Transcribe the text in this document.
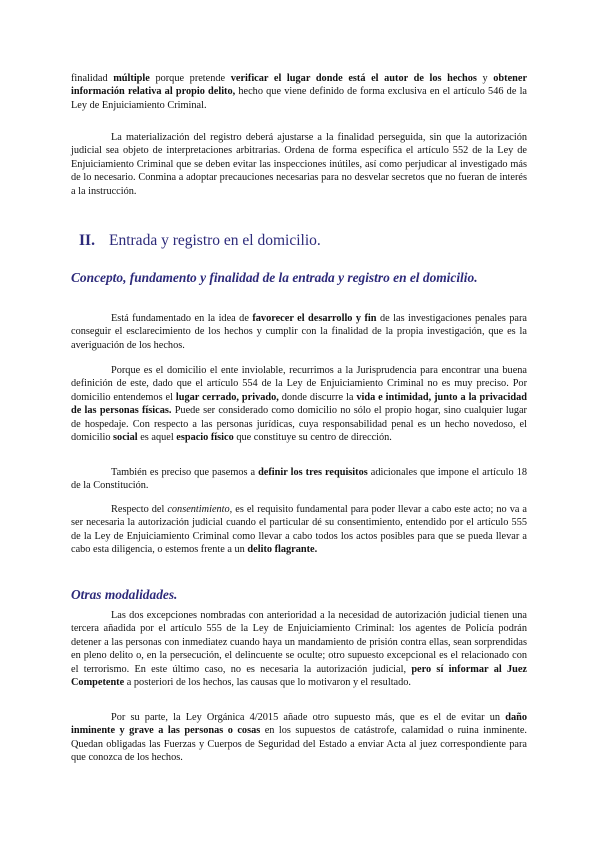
finalidad múltiple porque pretende verificar el lugar donde está el autor de los hechos y obtener información relativa al propio delito, hecho que viene definido de forma exclusiva en el artículo 546 de la Ley de Enjuiciamiento Criminal.

La materialización del registro deberá ajustarse a la finalidad perseguida, sin que la autorización judicial sea objeto de interpretaciones arbitrarias. Ordena de forma específica el artículo 552 de la Ley de Enjuiciamiento Criminal que se deben evitar las inspecciones inútiles, así como perjudicar al investigado más de lo necesario. Conmina a adoptar precauciones necesarias para no desvelar secretos que no fueran de interés a la instrucción.

II. Entrada y registro en el domicilio.
Concepto, fundamento y finalidad de la entrada y registro en el domicilio.

Está fundamentado en la idea de favorecer el desarrollo y fin de las investigaciones penales para conseguir el esclarecimiento de los hechos y cumplir con la finalidad de la propia investigación, que es la averiguación de los hechos.

Porque es el domicilio el ente inviolable, recurrimos a la Jurisprudencia para encontrar una buena definición de este, dado que el artículo 554 de la Ley de Enjuiciamiento Criminal no es muy preciso. Por domicilio entendemos el lugar cerrado, privado, donde discurre la vida e intimidad, junto a la privacidad de las personas físicas. Puede ser considerado como domicilio no sólo el propio hogar, sino cualquier lugar de hospedaje. Con respecto a las personas jurídicas, cuya responsabilidad penal es un hecho novedoso, el domicilio social es aquel espacio físico que constituye su centro de dirección.

También es preciso que pasemos a definir los tres requisitos adicionales que impone el artículo 18 de la Constitución.

Respecto del consentimiento, es el requisito fundamental para poder llevar a cabo este acto; no va a ser necesaria la autorización judicial cuando el particular dé su consentimiento, entendido por el artículo 555 de la Ley de Enjuiciamiento Criminal como llevar a cabo todos los actos posibles para que se pueda llevar a cabo esta diligencia, o estemos frente a un delito flagrante.

Otras modalidades.

Las dos excepciones nombradas con anterioridad a la necesidad de autorización judicial tienen una tercera añadida por el artículo 555 de la Ley de Enjuiciamiento Criminal: los agentes de Policía podrán detener a las personas con inmediatez cuando haya un mandamiento de prisión contra ellas, sean sorprendidas en pleno delito o, en la persecución, el delincuente se oculte; otro supuesto excepcional es el relacionado con el terrorismo. En este último caso, no es necesaria la autorización judicial, pero sí informar al Juez Competente a posteriori de los hechos, las causas que lo motivaron y el resultado.

Por su parte, la Ley Orgánica 4/2015 añade otro supuesto más, que es el de evitar un daño inminente y grave a las personas o cosas en los supuestos de catástrofe, calamidad o ruina inminente. Quedan obligadas las Fuerzas y Cuerpos de Seguridad del Estado a enviar Acta al juez correspondiente para que conozca de los hechos.
